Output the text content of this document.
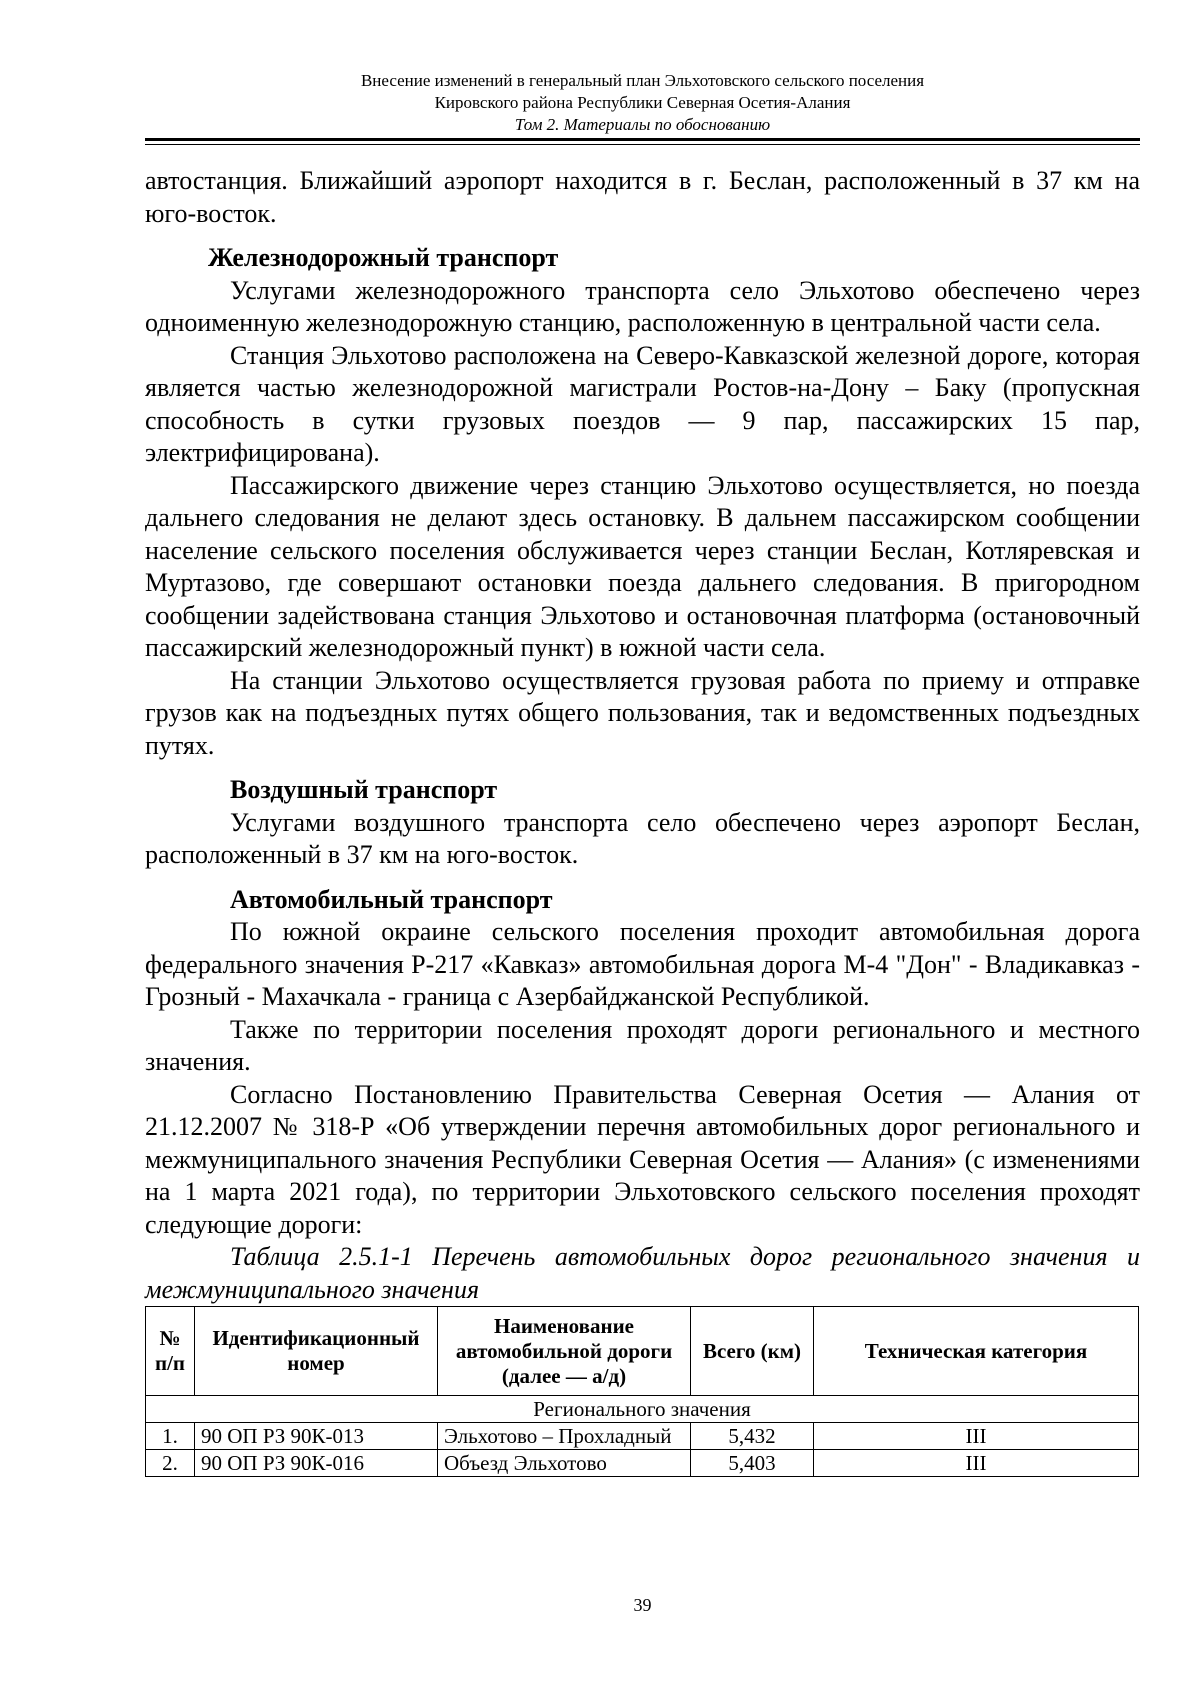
Внесение изменений в генеральный план Эльхотовского сельского поселения
Кировского района Республики Северная Осетия-Алания
Том 2. Материалы по обоснованию

автостанция. Ближайший аэропорт находится в г. Беслан, расположенный в 37 км на юго-восток.

Железнодорожный транспорт

Услугами железнодорожного транспорта село Эльхотово обеспечено через одноименную железнодорожную станцию, расположенную в центральной части села.

Станция Эльхотово расположена на Северо-Кавказской железной дороге, которая является частью железнодорожной магистрали Ростов-на-Дону – Баку (пропускная способность в сутки грузовых поездов — 9 пар, пассажирских 15 пар, электрифицирована).

Пассажирского движение через станцию Эльхотово осуществляется, но поезда дальнего следования не делают здесь остановку. В дальнем пассажирском сообщении население сельского поселения обслуживается через станции Беслан, Котляревская и Муртазово, где совершают остановки поезда дальнего следования. В пригородном сообщении задействована станция Эльхотово и остановочная платформа (остановочный пассажирский железнодорожный пункт) в южной части села.

На станции Эльхотово осуществляется грузовая работа по приему и отправке грузов как на подъездных путях общего пользования, так и ведомственных подъездных путях.

Воздушный транспорт

Услугами воздушного транспорта село обеспечено через аэропорт Беслан, расположенный в 37 км на юго-восток.

Автомобильный транспорт

По южной окраине сельского поселения проходит автомобильная дорога федерального значения Р-217 «Кавказ» автомобильная дорога М-4 "Дон" - Владикавказ - Грозный - Махачкала - граница с Азербайджанской Республикой.

Также по территории поселения проходят дороги регионального и местного значения.

Согласно Постановлению Правительства Северная Осетия — Алания от 21.12.2007 № 318-Р «Об утверждении перечня автомобильных дорог регионального и межмуниципального значения Республики Северная Осетия — Алания» (с изменениями на 1 марта 2021 года), по территории Эльхотовского сельского поселения проходят следующие дороги:

Таблица 2.5.1-1 Перечень автомобильных дорог регионального значения и межмуниципального значения

№ п/п	Идентификационный номер	Наименование автомобильной дороги (далее — а/д)	Всего (км)	Техническая категория
Регионального значения				
1.	90 ОП РЗ 90К-013	Эльхотово – Прохладный	5,432	III
2.	90 ОП РЗ 90К-016	Объезд Эльхотово	5,403	III
39
